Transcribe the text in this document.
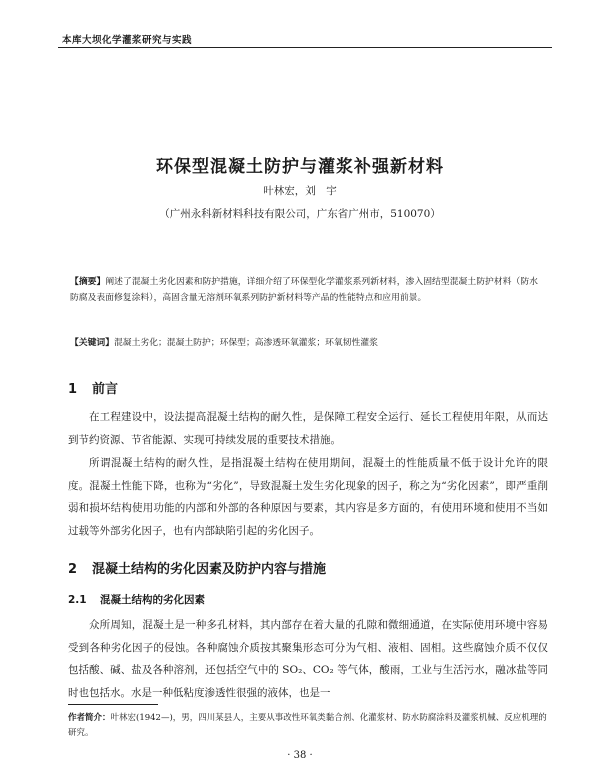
本库大坝化学灌浆研究与实践
环保型混凝土防护与灌浆补强新材料
叶林宏，刘　宇
（广州永科新材料科技有限公司，广东省广州市，510070）
【摘要】阐述了混凝土劣化因素和防护措施，详细介绍了环保型化学灌浆系列新材料，渗入固结型混凝土防护材料（防水防腐及表面修复涂料），高固含量无溶剂环氧系列防护新材料等产品的性能特点和应用前景。
【关键词】混凝土劣化；混凝土防护；环保型；高渗透环氧灌浆；环氧韧性灌浆
1 前言

在工程建设中，设法提高混凝土结构的耐久性，是保障工程安全运行、延长工程使用年限，从而达到节约资源、节省能源、实现可持续发展的重要技术措施。

所谓混凝土结构的耐久性，是指混凝土结构在使用期间，混凝土的性能质量不低于设计允许的限度。混凝土性能下降，也称为“劣化”，导致混凝土发生劣化现象的因子，称之为“劣化因素”，即严重削弱和损坏结构使用功能的内部和外部的各种原因与要素，其内容是多方面的，有使用环境和使用不当如过载等外部劣化因子，也有内部缺陷引起的劣化因子。

2 混凝土结构的劣化因素及防护内容与措施
2.1 混凝土结构的劣化因素

众所周知，混凝土是一种多孔材料，其内部存在着大量的孔隙和微细通道，在实际使用环境中容易受到各种劣化因子的侵蚀。各种腐蚀介质按其聚集形态可分为气相、液相、固相。这些腐蚀介质不仅仅包括酸、碱、盐及各种溶剂，还包括空气中的 SO₂、CO₂ 等气体，酸雨，工业与生活污水，融冰盐等同时也包括水。水是一种低粘度渗透性很强的液体，也是一

作者简介：叶林宏(1942—)，男，四川某县人，主要从事改性环氧类黏合剂、化灌浆材、防水防腐涂料及灌浆机械、反应机理的研究。
· 38 ·
